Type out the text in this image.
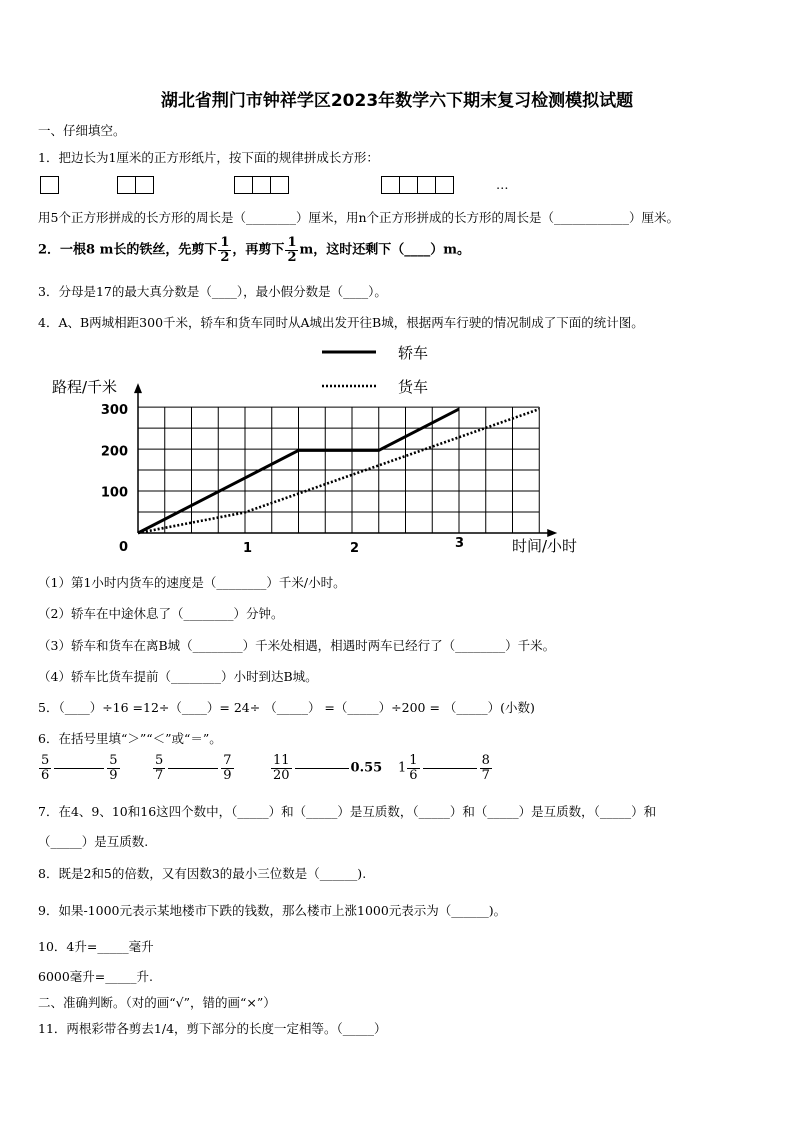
湖北省荆门市钟祥学区2023年数学六下期末复习检测模拟试题
一、仔细填空。
1．把边长为1厘米的正方形纸片，按下面的规律拼成长方形：
…
用5个正方形拼成的长方形的周长是（________）厘米，用n个正方形拼成的长方形的周长是（____________）厘米。
2．一根8 m长的铁丝，先剪下 $\frac{1}{2}$ ，再剪下 $\frac{1}{2}$ m，这时还剩下（____）m。
3．分母是17的最大真分数是（____），最小假分数是（____）。
4．A、B两城相距300千米，轿车和货车同时从A城出发开往B城，根据两车行驶的情况制成了下面的统计图。
路程/千米
时间/小时
0	1	2	3
100
200
300
轿车
货车
（1）第1小时内货车的速度是（________）千米/小时。
（2）轿车在中途休息了（________）分钟。
（3）轿车和货车在离B城（________）千米处相遇，相遇时两车已经行了（________）千米。
（4）轿车比货车提前（________）小时到达B城。
5．（____）÷16 =12÷（____）= 24÷ （_____） =（_____）÷200 = （_____）(小数)
6．在括号里填“＞”“＜”或“＝”。
$\frac{5}{6}$	$\frac{5}{9}$	$\frac{5}{7}$	$\frac{7}{9}$	$\frac{11}{20}$	0.55 $1 \frac{1}{6}$	$\frac{8}{7}$
7．在4、9、10和16这四个数中，（_____）和（_____）是互质数，（_____）和（_____）是互质数，（_____）和
（_____）是互质数.
8．既是2和5的倍数，又有因数3的最小三位数是（______).
9．如果-1000元表示某地楼市下跌的钱数，那么楼市上涨1000元表示为（______)。
10．4升=_____毫升
6000毫升=_____升.
二、准确判断。（对的画“√”，错的画“×”）
11．两根彩带各剪去1/4，剪下部分的长度一定相等。（_____）
